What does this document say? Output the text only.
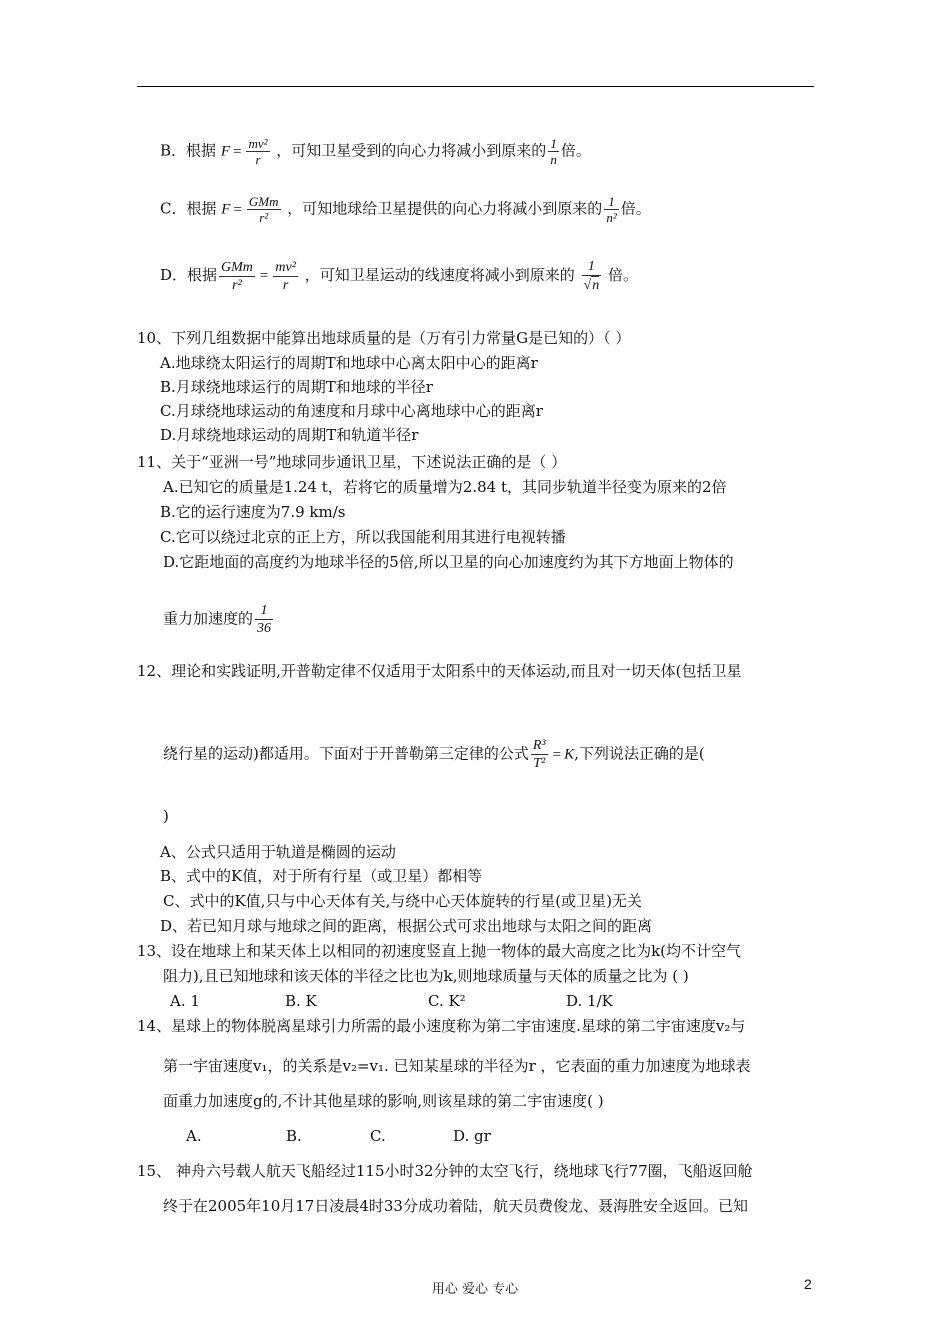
B．根据 $F = \frac{\text{mv²}}{r}$ ，可知卫星受到的向心力将减小到原来的 $\frac{1}{n}$ 倍。
C．根据 $F = \frac{\text{GMm}}{\text{r²}}$ ，可知地球给卫星提供的向心力将减小到原来的 $\frac{1}{\text{n²}}$ 倍。
D．根据 $\frac{\text{GMm}}{\text{r²}} = \frac{\text{mv²}}{r}$ ，可知卫星运动的线速度将减小到原来的 $\frac{1}{√n}$ 倍。
10、下列几组数据中能算出地球质量的是（万有引力常量G是已知的）（ ）
A.地球绕太阳运行的周期T和地球中心离太阳中心的距离r
B.月球绕地球运行的周期T和地球的半径r
C.月球绕地球运动的角速度和月球中心离地球中心的距离r
D.月球绕地球运动的周期T和轨道半径r
11、关于“亚洲一号”地球同步通讯卫星，下述说法正确的是（ ）
A.已知它的质量是1.24 t，若将它的质量增为2.84 t，其同步轨道半径变为原来的2倍
B.它的运行速度为7.9 km/s
C.它可以绕过北京的正上方，所以我国能利用其进行电视转播
D.它距地面的高度约为地球半径的5倍,所以卫星的向心加速度约为其下方地面上物体的
重力加速度的 $\frac{1}{36}$
12、理论和实践证明,开普勒定律不仅适用于太阳系中的天体运动,而且对一切天体(包括卫星
绕行星的运动)都适用。下面对于开普勒第三定律的公式 $\frac{\text{R³}}{\text{T²}} = K$,下列说法正确的是(
)
A、公式只适用于轨道是椭圆的运动
B、式中的K值，对于所有行星（或卫星）都相等
C、式中的K值,只与中心天体有关,与绕中心天体旋转的行星(或卫星)无关
D、若已知月球与地球之间的距离，根据公式可求出地球与太阳之间的距离
13、设在地球上和某天体上以相同的初速度竖直上抛一物体的最大高度之比为k(均不计空气
阻力),且已知地球和该天体的半径之比也为k,则地球质量与天体的质量之比为 ( )
A. 1	B. K	C. K²	D. 1/K
14、星球上的物体脱离星球引力所需的最小速度称为第二宇宙速度.星球的第二宇宙速度v₂与
第一宇宙速度v₁，的关系是v₂=v₁. 已知某星球的半径为r ，它表面的重力加速度为地球表
面重力加速度g的,不计其他星球的影响,则该星球的第二宇宙速度( )
A.	B.	C.	D. gr
15、 神舟六号载人航天飞船经过115小时32分钟的太空飞行，绕地球飞行77圈，飞船返回舱
终于在2005年10月17日凌晨4时33分成功着陆，航天员费俊龙、聂海胜安全返回。已知
用心 爱心 专心	2
